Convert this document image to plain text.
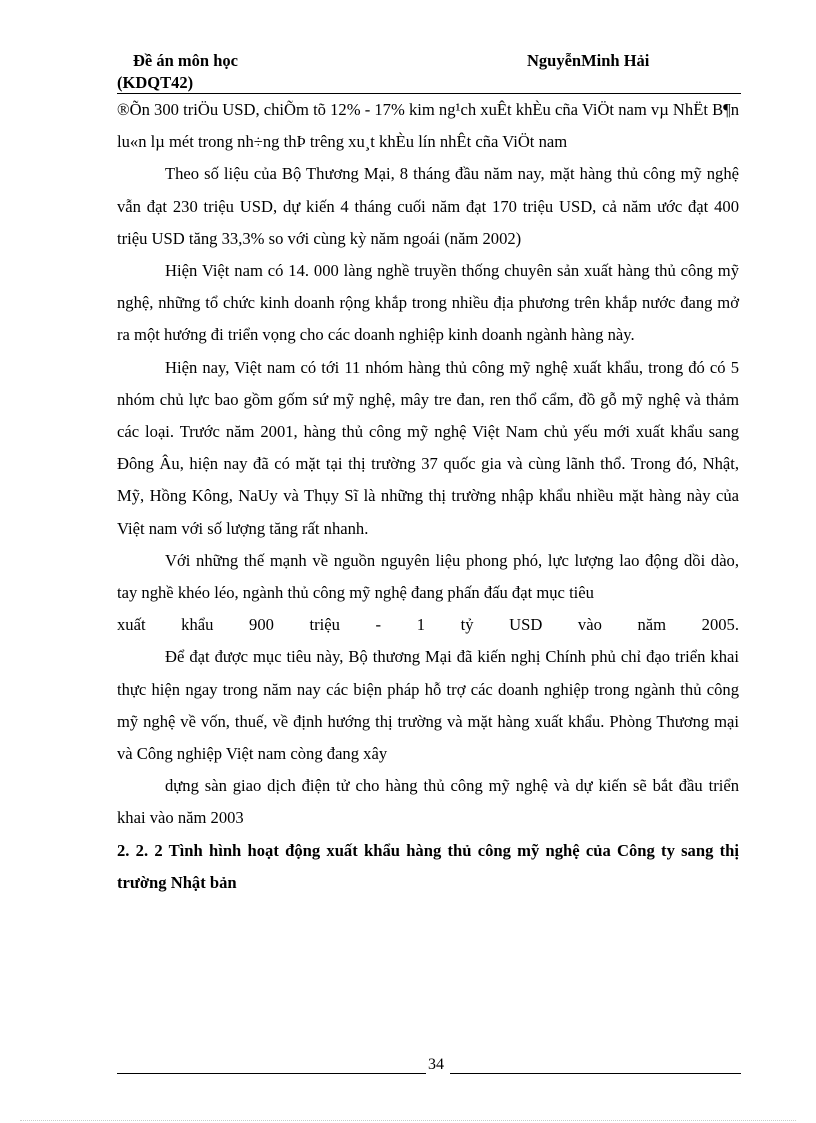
Đề án môn học
(KDQT42)
NguyễnMinh Hải

®Õn 300 triÖu USD, chiÕm tõ 12% - 17% kim ng¹ch xuÊt khÈu cña ViÖt nam vµ NhËt B¶n lu«n lµ mét trong nh÷ng thÞ trêng xu¸t khÈu lín nhÊt cña ViÖt nam

Theo số liệu của Bộ Thương Mại, 8 tháng đầu năm nay, mặt hàng thủ công mỹ nghệ vẫn đạt 230 triệu USD, dự kiến 4 tháng cuối năm đạt 170 triệu USD, cả năm ước đạt 400 triệu USD tăng 33,3% so với cùng kỳ năm ngoái (năm 2002)

Hiện Việt nam có 14. 000 làng nghề truyền thống chuyên sản xuất hàng thủ công mỹ nghệ, những tổ chức kinh doanh rộng khắp trong nhiều địa phương trên khắp nước đang mở ra một hướng đi triển vọng cho các doanh nghiệp kinh doanh ngành hàng này.

Hiện nay, Việt nam có tới 11 nhóm hàng thủ công mỹ nghệ xuất khẩu, trong đó có 5 nhóm chủ lực bao gồm gốm sứ mỹ nghệ, mây tre đan, ren thổ cẩm, đồ gỗ mỹ nghệ và thảm các loại. Trước năm 2001, hàng thủ công mỹ nghệ Việt Nam chủ yếu mới xuất khẩu sang Đông Âu, hiện nay đã có mặt tại thị trường 37 quốc gia và cùng lãnh thổ. Trong đó, Nhật, Mỹ, Hồng Kông, NaUy và Thụy Sĩ là những thị trường nhập khẩu nhiều mặt hàng này của Việt nam với số lượng tăng rất nhanh.

Với những thế mạnh về nguồn nguyên liệu phong phó, lực lượng lao động dồi dào, tay nghề khéo léo, ngành thủ công mỹ nghệ đang phấn đấu đạt mục tiêu

xuất khẩu 900 triệu - 1 tỷ USD vào năm 2005.

Để đạt được mục tiêu này, Bộ thương Mại đã kiến nghị Chính phủ chỉ đạo triển khai thực hiện ngay trong năm nay các biện pháp hỗ trợ các doanh nghiệp trong ngành thủ công mỹ nghệ về vốn, thuế, về định hướng thị trường và mặt hàng xuất khẩu. Phòng Thương mại và Công nghiệp Việt nam còng đang xây

dựng sàn giao dịch điện tử cho hàng thủ công mỹ nghệ và dự kiến sẽ bắt đầu triển khai vào năm 2003

2. 2. 2 Tình hình hoạt động xuất khẩu hàng thủ công mỹ nghệ của Công ty sang thị trường Nhật bản

34
